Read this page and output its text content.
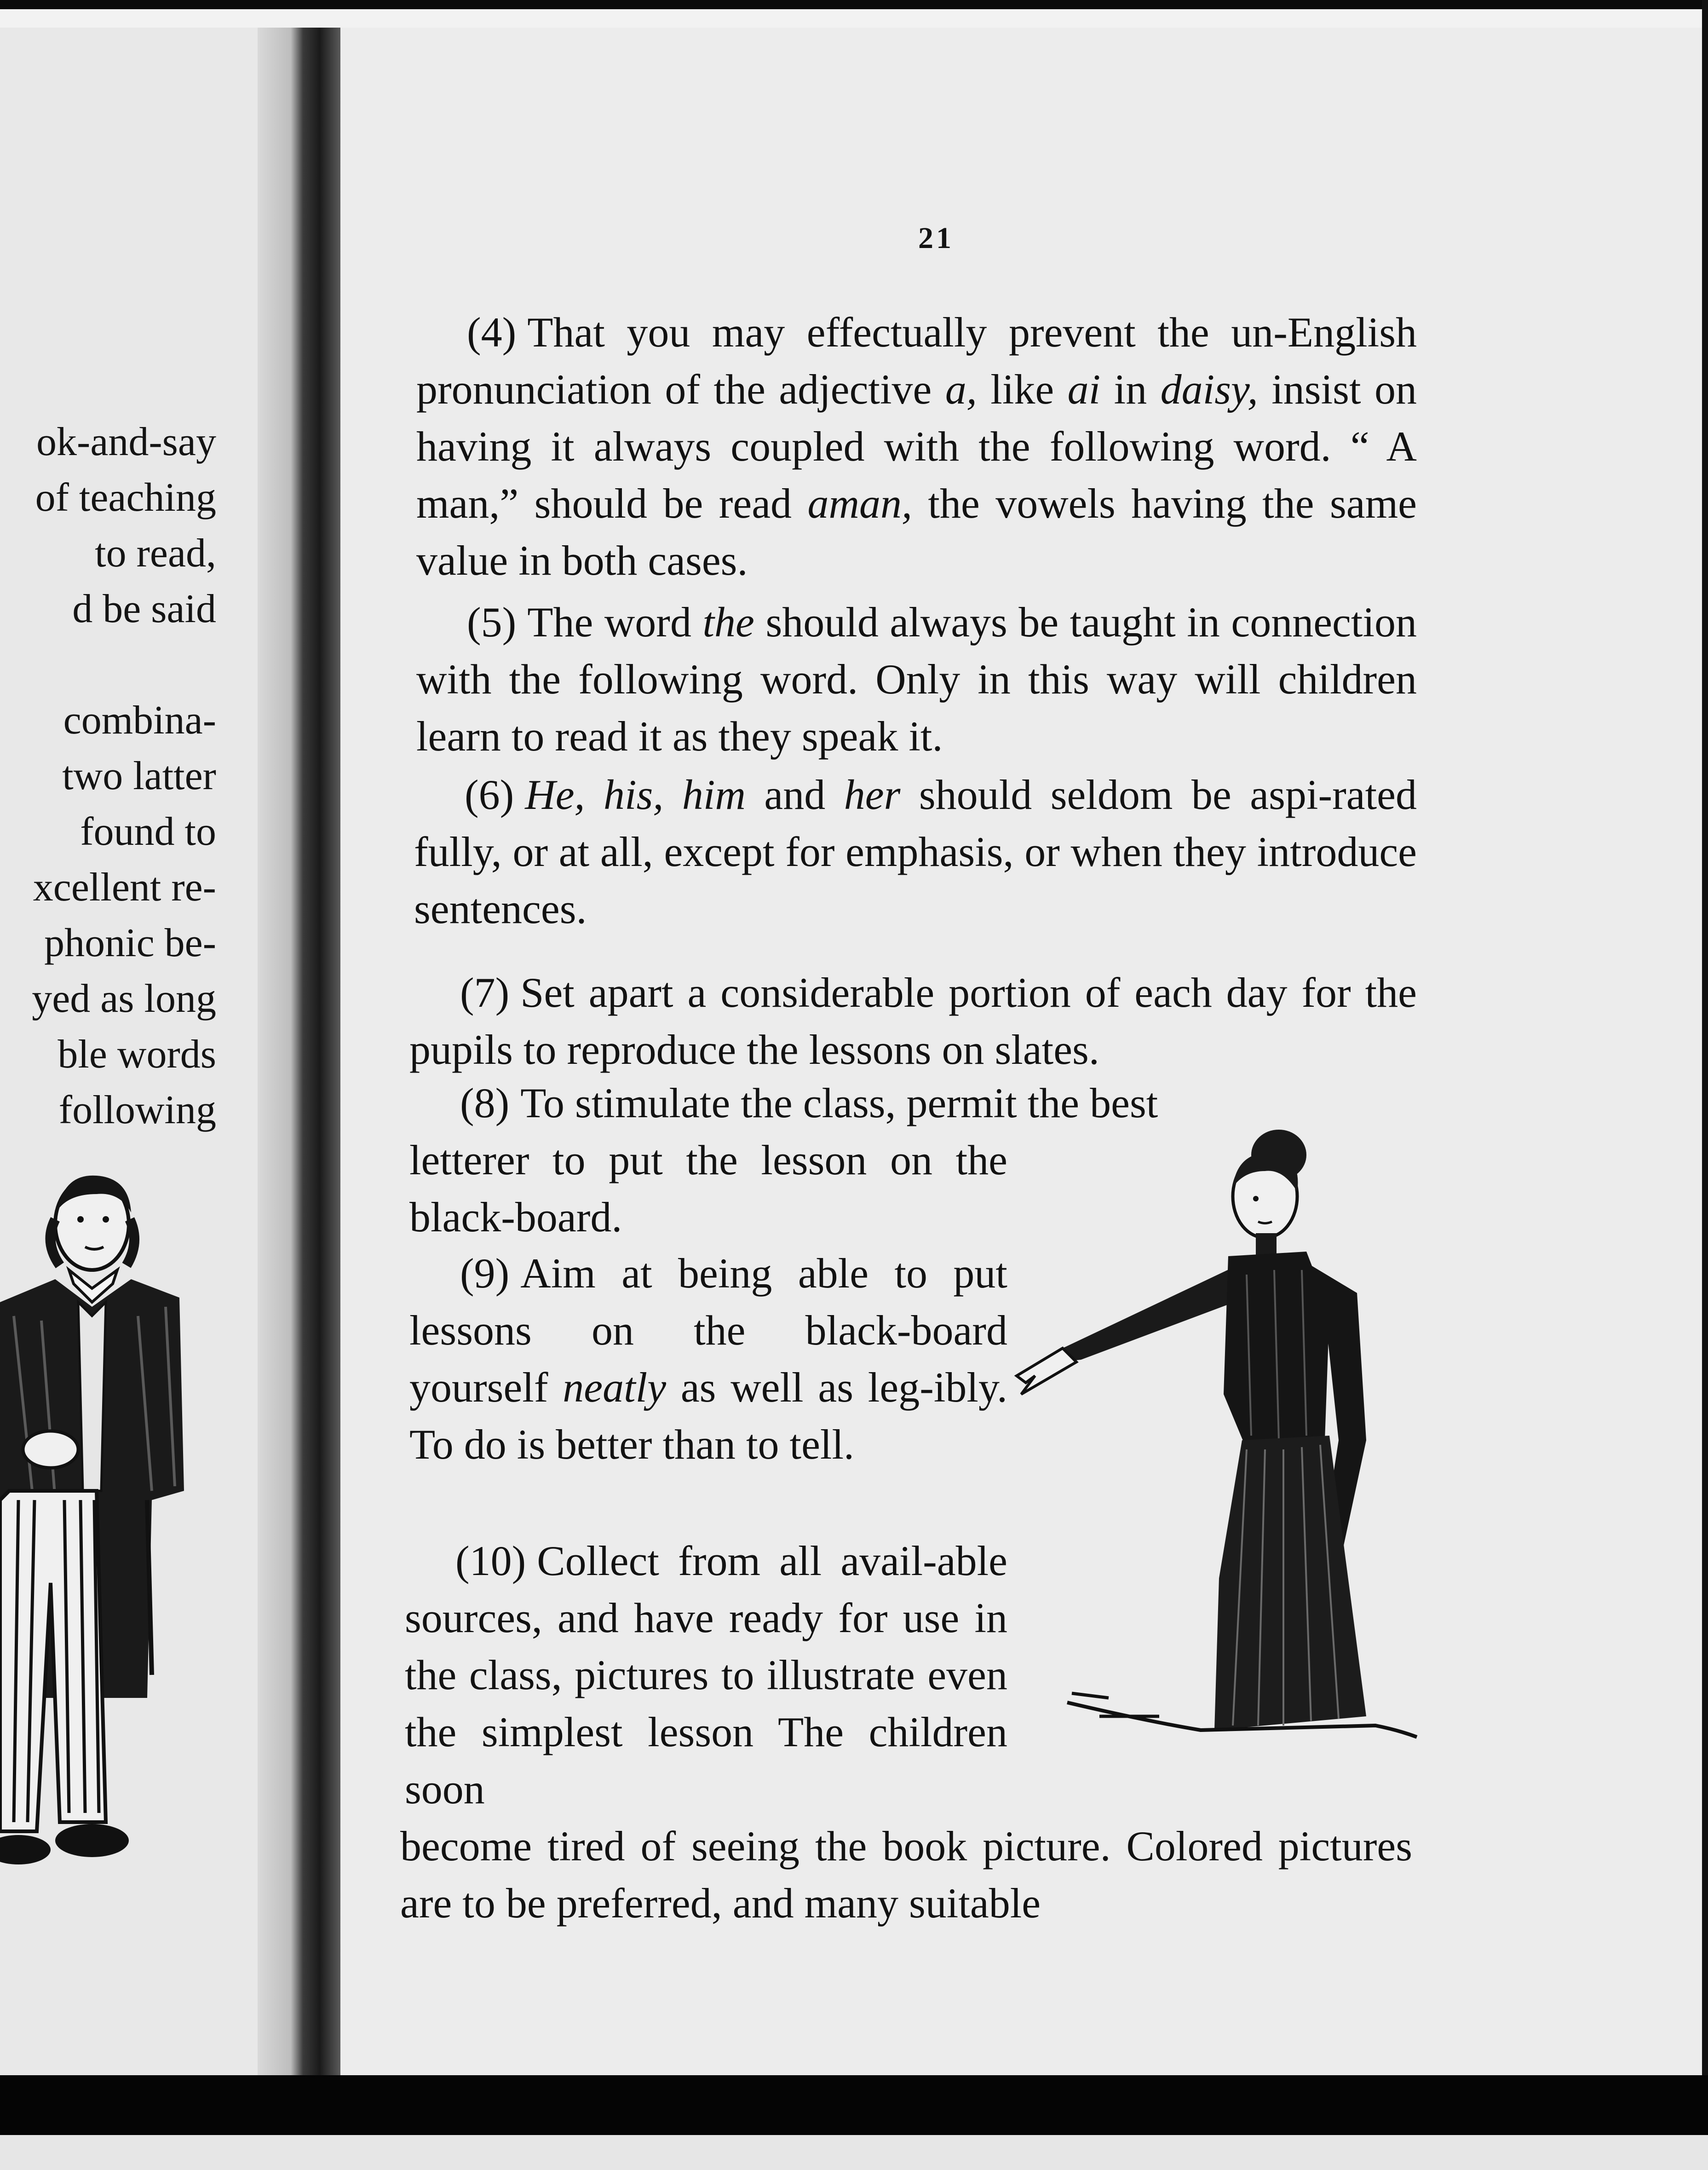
ok-and-say
of teaching
to read,
d be said
combina-
two latter
found to
xcellent re-
phonic be-
yed as long
ble words
following
21

(4) That you may effectually prevent the un-English pronunciation of the adjective a, like ai in daisy, insist on having it always coupled with the following word. “ A man,” should be read aman, the vowels having the same value in both cases.

(5) The word the should always be taught in connection with the following word. Only in this way will children learn to read it as they speak it.

(6) He, his, him and her should seldom be aspi-rated fully, or at all, except for emphasis, or when they introduce sentences.

(7) Set apart a considerable portion of each day for the pupils to reproduce the lessons on slates.

(8) To stimulate the class, permit the best

letterer to put the lesson on the black-board.

(9) Aim at being able to put lessons on the black-board yourself neatly as well as leg-ibly. To do is better than to tell.

(10) Collect from all avail-able sources, and have ready for use in the class, pictures to illustrate even the simplest lesson The children soon

become tired of seeing the book picture. Colored pictures are to be preferred, and many suitable
